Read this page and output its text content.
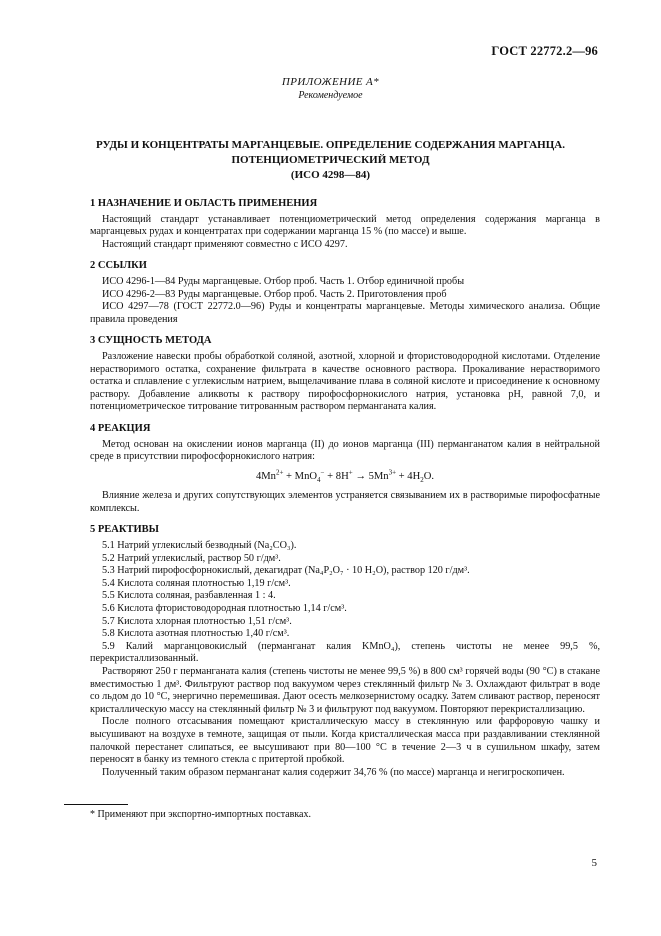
ГОСТ 22772.2—96
ПРИЛОЖЕНИЕ А*
Рекомендуемое
РУДЫ И КОНЦЕНТРАТЫ МАРГАНЦЕВЫЕ. ОПРЕДЕЛЕНИЕ СОДЕРЖАНИЯ МАРГАНЦА.
ПОТЕНЦИОМЕТРИЧЕСКИЙ МЕТОД
(ИСО 4298—84)
1 НАЗНАЧЕНИЕ И ОБЛАСТЬ ПРИМЕНЕНИЯ

Настоящий стандарт устанавливает потенциометрический метод определения содержания марганца в марганцевых рудах и концентратах при содержании марганца 15 % (по массе) и выше.

Настоящий стандарт применяют совместно с ИСО 4297.

2 ССЫЛКИ

ИСО 4296-1—84 Руды марганцевые. Отбор проб. Часть 1. Отбор единичной пробы

ИСО 4296-2—83 Руды марганцевые. Отбор проб. Часть 2. Приготовления проб

ИСО 4297—78 (ГОСТ 22772.0—96) Руды и концентраты марганцевые. Методы химического анализа. Общие правила проведения

3 СУЩНОСТЬ МЕТОДА

Разложение навески пробы обработкой соляной, азотной, хлорной и фтористоводородной кислотами. Отделение нерастворимого остатка, сохранение фильтрата в качестве основного раствора. Прокаливание нерастворимого остатка и сплавление с углекислым натрием, выщелачивание плава в соляной кислоте и присоединение к основному раствору. Добавление аликвоты к раствору пирофосфорнокислого натрия, установка рН, равной 7,0, и потенциометрическое титрование титрованным раствором перманганата калия.

4 РЕАКЦИЯ

Метод основан на окислении ионов марганца (II) до ионов марганца (III) перманганатом калия в нейтральной среде в присутствии пирофосфорнокислого натрия:

$4Mn^{2+} + MnO_4^- + 8H^+ \to 5Mn^{3+} + 4H_2O$.

Влияние железа и других сопутствующих элементов устраняется связыванием их в растворимые пирофосфатные комплексы.

5 РЕАКТИВЫ

5.1 Натрий углекислый безводный (Na₂CO₃).

5.2 Натрий углекислый, раствор 50 г/дм³.

5.3 Натрий пирофосфорнокислый, декагидрат (Na₄P₂O₇ · 10 H₂O), раствор 120 г/дм³.

5.4 Кислота соляная плотностью 1,19 г/см³.

5.5 Кислота соляная, разбавленная 1 : 4.

5.6 Кислота фтористоводородная плотностью 1,14 г/см³.

5.7 Кислота хлорная плотностью 1,51 г/см³.

5.8 Кислота азотная плотностью 1,40 г/см³.

5.9 Калий марганцовокислый (перманганат калия KMnO₄), степень чистоты не менее 99,5 %, перекристаллизованный.

Растворяют 250 г перманганата калия (степень чистоты не менее 99,5 %) в 800 см³ горячей воды (90 °С) в стакане вместимостью 1 дм³. Фильтруют раствор под вакуумом через стеклянный фильтр № 3. Охлаждают фильтрат в воде со льдом до 10 °С, энергично перемешивая. Дают осесть мелкозернистому осадку. Затем сливают раствор, переносят кристаллическую массу на стеклянный фильтр № 3 и фильтруют под вакуумом. Повторяют перекристаллизацию.

После полного отсасывания помещают кристаллическую массу в стеклянную или фарфоровую чашку и высушивают на воздухе в темноте, защищая от пыли. Когда кристаллическая масса при раздавливании стеклянной палочкой перестанет слипаться, ее высушивают при 80—100 °С в течение 2—3 ч в сушильном шкафу, затем переносят в банку из темного стекла с притертой пробкой.

Полученный таким образом перманганат калия содержит 34,76 % (по массе) марганца и негигроскопичен.

* Применяют при экспортно-импортных поставках.
5
